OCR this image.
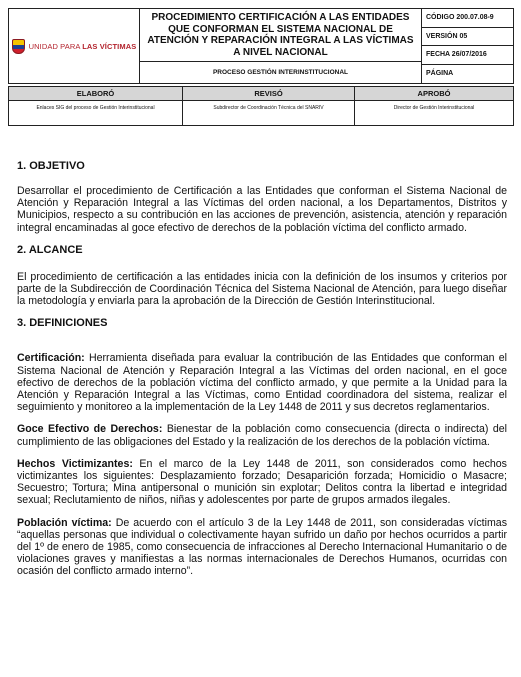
UNIDAD PARA LAS VÍCTIMAS
PROCEDIMIENTO CERTIFICACIÓN A LAS ENTIDADES QUE CONFORMAN EL SISTEMA NACIONAL DE ATENCIÓN Y REPARACIÓN INTEGRAL A LAS VÍCTIMAS A NIVEL NACIONAL
PROCESO GESTIÓN INTERINSTITUCIONAL
CÓDIGO 200.07.08-9
VERSIÓN 05
FECHA 26/07/2016
PÁGINA
ELABORÓ	REVISÓ	APROBÓ
Enlaces SIG del proceso de Gestión Interinstitucional	Subdirector de Coordinación Técnica del SNARIV	Director de Gestión Interinstitucional
1. OBJETIVO

Desarrollar el procedimiento de Certificación a las Entidades que conforman el Sistema Nacional de Atención y Reparación Integral a las Víctimas del orden nacional, a los Departamentos, Distritos y Municipios, respecto a su contribución en las acciones de prevención, asistencia, atención y reparación integral encaminadas al goce efectivo de derechos de la población víctima del conflicto armado.

2. ALCANCE

El procedimiento de certificación a las entidades inicia con la definición de los insumos y criterios por parte de la Subdirección de Coordinación Técnica del Sistema Nacional de Atención, para luego diseñar la metodología y enviarla para la aprobación de la Dirección de Gestión Interinstitucional.

3. DEFINICIONES

Certificación: Herramienta diseñada para evaluar la contribución de las Entidades que conforman el Sistema Nacional de Atención y Reparación Integral a las Víctimas del orden nacional, en el goce efectivo de derechos de la población víctima del conflicto armado, y que permite a la Unidad para la Atención y Reparación Integral a las Víctimas, como Entidad coordinadora del sistema, realizar el seguimiento y monitoreo a la implementación de la Ley 1448 de 2011 y sus decretos reglamentarios.

Goce Efectivo de Derechos: Bienestar de la población como consecuencia (directa o indirecta) del cumplimiento de las obligaciones del Estado y la realización de los derechos de la población víctima.

Hechos Victimizantes: En el marco de la Ley 1448 de 2011, son considerados como hechos victimizantes los siguientes: Desplazamiento forzado; Desaparición forzada; Homicidio o Masacre; Secuestro; Tortura; Mina antipersonal o munición sin explotar; Delitos contra la libertad e integridad sexual; Reclutamiento de niños, niñas y adolescentes por parte de grupos armados ilegales.

Población víctima: De acuerdo con el artículo 3 de la Ley 1448 de 2011, son consideradas víctimas “aquellas personas que individual o colectivamente hayan sufrido un daño por hechos ocurridos a partir del 1º de enero de 1985, como consecuencia de infracciones al Derecho Internacional Humanitario o de violaciones graves y manifiestas a las normas internacionales de Derechos Humanos, ocurridas con ocasión del conflicto armado interno”.
